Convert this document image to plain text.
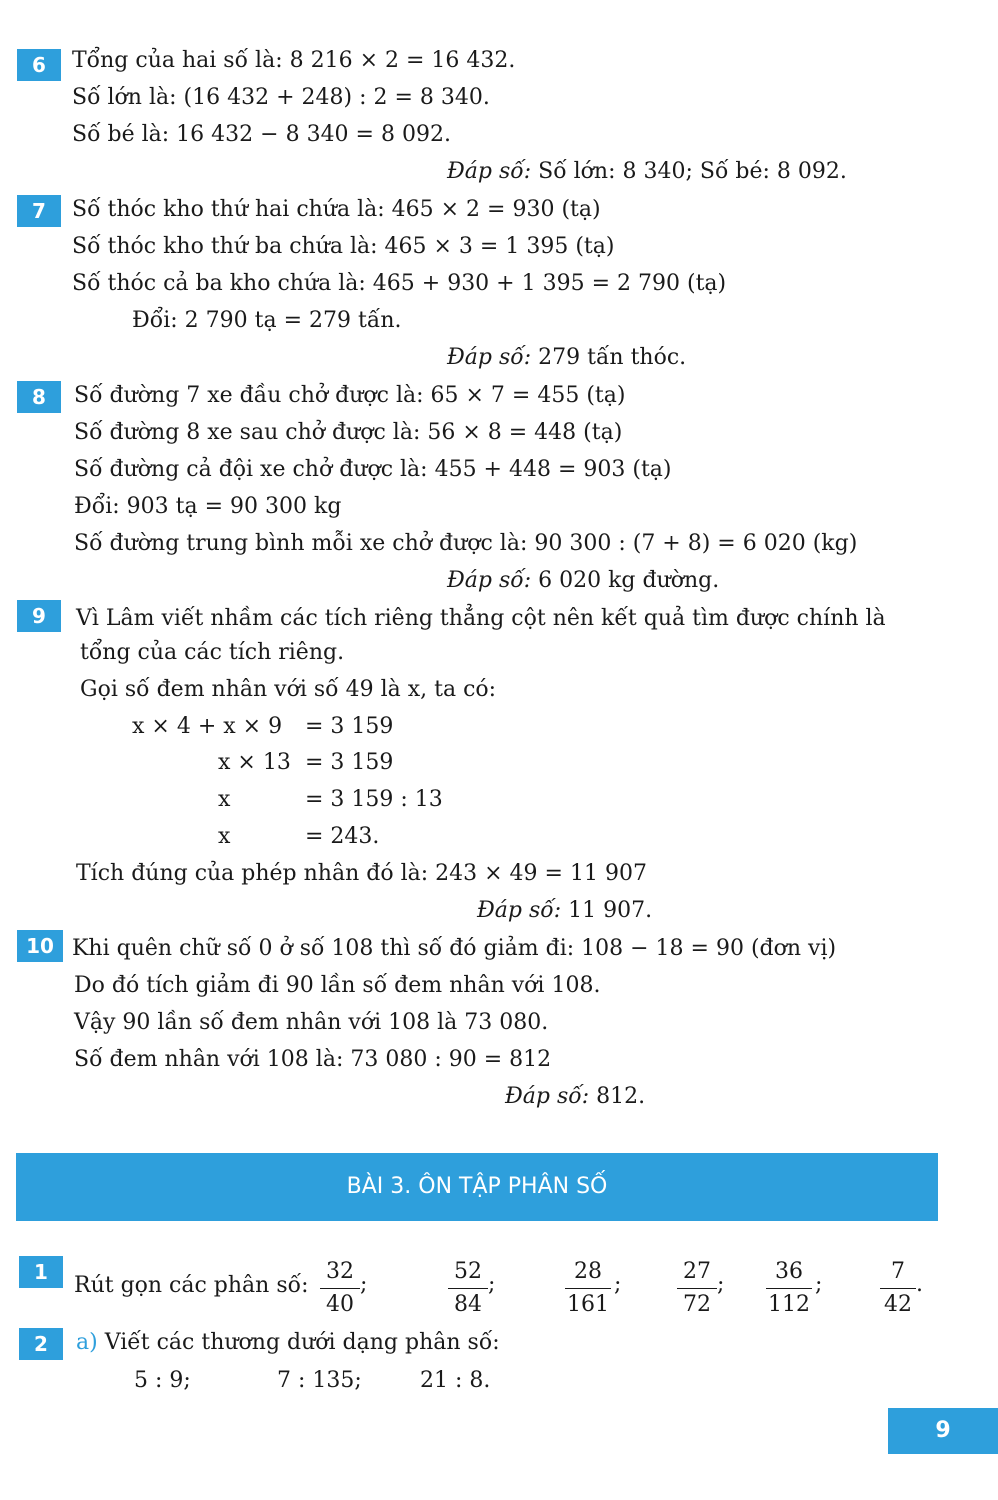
6	Tổng của hai số là: 8 216 × 2 = 16 432.
Số lớn là: (16 432 + 248) : 2 = 8 340.
Số bé là: 16 432 − 8 340 = 8 092.
Đáp số: Số lớn: 8 340; Số bé: 8 092.
7	Số thóc kho thứ hai chứa là: 465 × 2 = 930 (tạ)
Số thóc kho thứ ba chứa là: 465 × 3 = 1 395 (tạ)
Số thóc cả ba kho chứa là: 465 + 930 + 1 395 = 2 790 (tạ)
Đổi: 2 790 tạ = 279 tấn.
Đáp số: 279 tấn thóc.
8	Số đường 7 xe đầu chở được là: 65 × 7 = 455 (tạ)
Số đường 8 xe sau chở được là: 56 × 8 = 448 (tạ)
Số đường cả đội xe chở được là: 455 + 448 = 903 (tạ)
Đổi: 903 tạ = 90 300 kg
Số đường trung bình mỗi xe chở được là: 90 300 : (7 + 8) = 6 020 (kg)
Đáp số: 6 020 kg đường.
9	Vì Lâm viết nhầm các tích riêng thẳng cột nên kết quả tìm được chính là
tổng của các tích riêng.
Gọi số đem nhân với số 49 là x, ta có:
x × 4 + x × 9 = 3 159
x × 13 = 3 159
x	= 3 159 : 13
x	= 243.
Tích đúng của phép nhân đó là: 243 × 49 = 11 907
Đáp số: 11 907.
10 Khi quên chữ số 0 ở số 108 thì số đó giảm đi: 108 − 18 = 90 (đơn vị)
Do đó tích giảm đi 90 lần số đem nhân với 108.
Vậy 90 lần số đem nhân với 108 là 73 080.
Số đem nhân với 108 là: 73 080 : 90 = 812
Đáp số: 812.
BÀI 3. ÔN TẬP PHÂN SỐ
1
Rút gọn các phân số: $\frac{32}{40}$ ;	$\frac{52}{84}$ ;	$\frac{28}{161}$ ;	$\frac{27}{72}$ ; $\frac{36}{112}$ ;	$\frac{7}{42}$ .
2	a) Viết các thương dưới dạng phân số:
5 : 9;	7 : 135;	21 : 8.
9
